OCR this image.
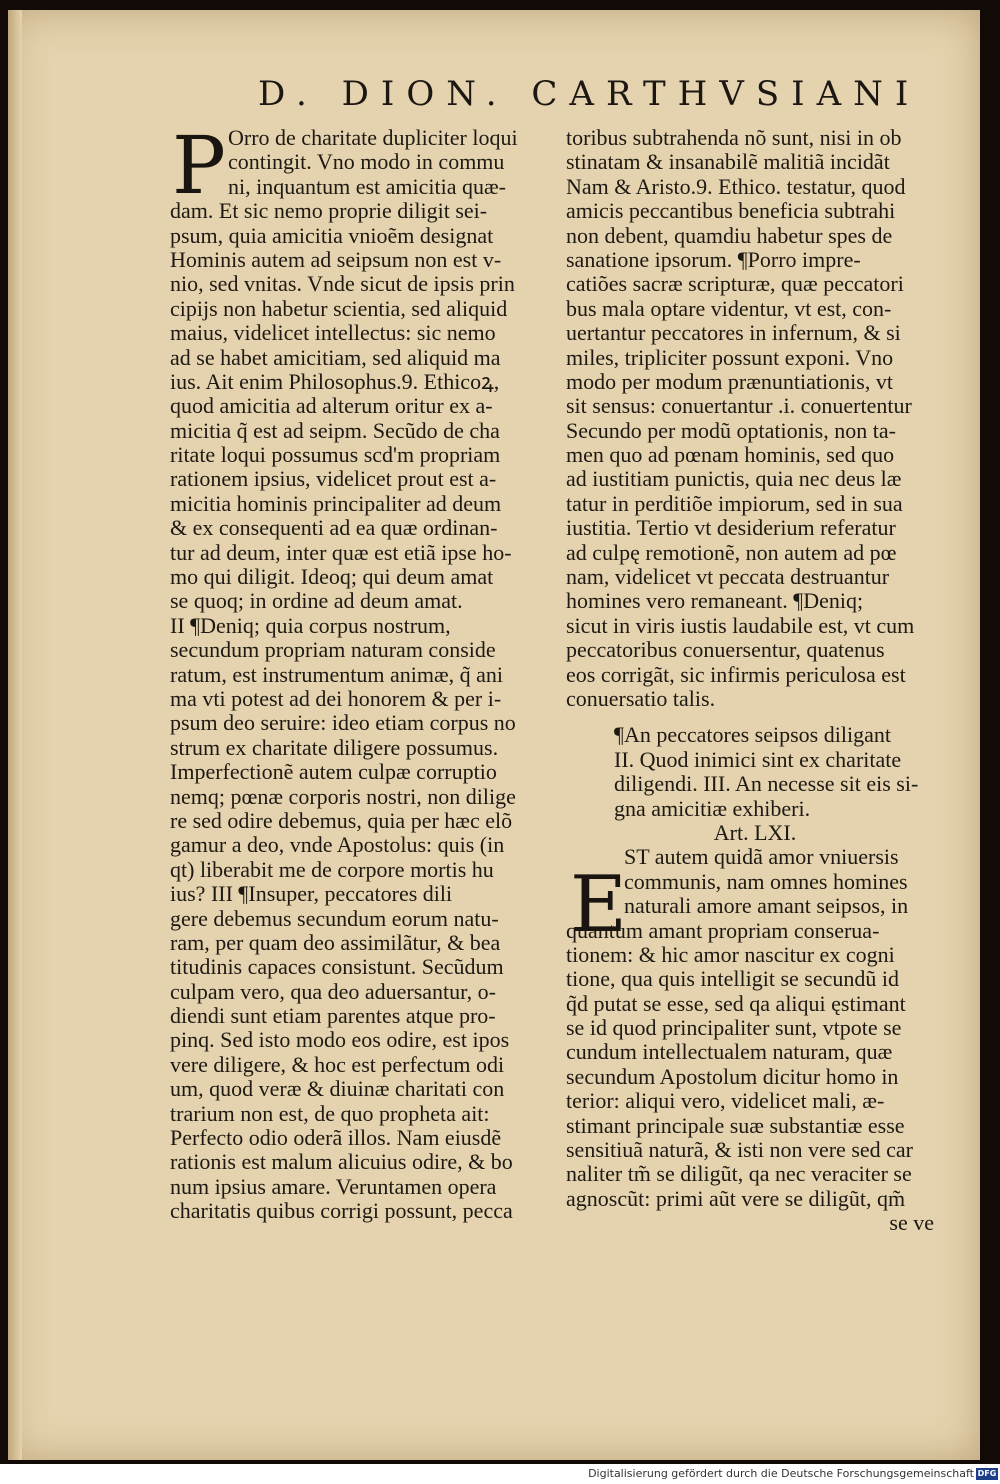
D. DION. CARTHVSIANI
P Orro de charitate dupliciter loqui
contingit. Vno modo in commu
ni, inquantum est amicitia quæ-
dam. Et sic nemo proprie diligit sei-
psum, quia amicitia vnioẽm designat
Hominis autem ad seipsum non est v-
nio, sed vnitas. Vnde sicut de ipsis prin
cipijs non habetur scientia, sed aliquid
maius, videlicet intellectus: sic nemo
ad se habet amicitiam, sed aliquid ma
ius. Ait enim Philosophus.9. Ethicoꝝ,
quod amicitia ad alterum oritur ex a-
micitia q̃ est ad seipm. Secũdo de cha
ritate loqui possumus scd'm propriam
rationem ipsius, videlicet prout est a-
micitia hominis principaliter ad deum
& ex consequenti ad ea quæ ordinan-
tur ad deum, inter quæ est etiã ipse ho-
mo qui diligit. Ideoq; qui deum amat
se quoq; in ordine ad deum amat.
II ¶Deniq; quia corpus nostrum,
secundum propriam naturam conside
ratum, est instrumentum animæ, q̃ ani
ma vti potest ad dei honorem & per i-
psum deo seruire: ideo etiam corpus no
strum ex charitate diligere possumus.
Imperfectionẽ autem culpæ corruptio
nemq; pœnæ corporis nostri, non dilige
re sed odire debemus, quia per hæc elõ
gamur a deo, vnde Apostolus: quis (in
qt) liberabit me de corpore mortis hu
ius? III ¶Insuper, peccatores dili
gere debemus secundum eorum natu-
ram, per quam deo assimilãtur, & bea
titudinis capaces consistunt. Secũdum
culpam vero, qua deo aduersantur, o-
diendi sunt etiam parentes atque pro-
pinq. Sed isto modo eos odire, est ipos
vere diligere, & hoc est perfectum odi
um, quod veræ & diuinæ charitati con
trarium non est, de quo propheta ait:
Perfecto odio oderã illos. Nam eiusdẽ
rationis est malum alicuius odire, & bo
num ipsius amare. Veruntamen opera
charitatis quibus corrigi possunt, pecca
toribus subtrahenda nõ sunt, nisi in ob
stinatam & insanabilẽ malitiã incidãt
Nam & Aristo.9. Ethico. testatur, quod
amicis peccantibus beneficia subtrahi
non debent, quamdiu habetur spes de
sanatione ipsorum. ¶Porro impre-
catiões sacræ scripturæ, quæ peccatori
bus mala optare videntur, vt est, con-
uertantur peccatores in infernum, & si
miles, tripliciter possunt exponi. Vno
modo per modum prænuntiationis, vt
sit sensus: conuertantur .i. conuertentur
Secundo per modũ optationis, non ta-
men quo ad pœnam hominis, sed quo
ad iustitiam punictis, quia nec deus læ
tatur in perditiõe impiorum, sed in sua
iustitia. Tertio vt desiderium referatur
ad culpę remotionẽ, non autem ad pœ
nam, videlicet vt peccata destruantur
homines vero remaneant. ¶Deniq;
sicut in viris iustis laudabile est, vt cum
peccatoribus conuersentur, quatenus
eos corrigãt, sic infirmis periculosa est
conuersatio talis.
¶An peccatores seipsos diligant
II. Quod inimici sint ex charitate
diligendi. III. An necesse sit eis si-
gna amicitiæ exhiberi.
Art. LXI.
ST autem quidã amor vniuersis
communis, nam omnes homines
naturali amore amant seipsos, in
quantum amant propriam conserua-
tionem: & hic amor nascitur ex cogni
tione, qua quis intelligit se secundũ id
q̃d putat se esse, sed qa aliqui ęstimant
se id quod principaliter sunt, vtpote se
cundum intellectualem naturam, quæ
secundum Apostolum dicitur homo in
terior: aliqui vero, videlicet mali, æ-
stimant principale suæ substantiæ esse
sensitiuã naturã, & isti non vere sed car
naliter tm̃ se diligũt, qa nec veraciter se
agnoscũt: primi aũt vere se diligũt, qm̃
se ve
E
Digitalisierung gefördert durch die Deutsche Forschungsgemeinschaft DFG
